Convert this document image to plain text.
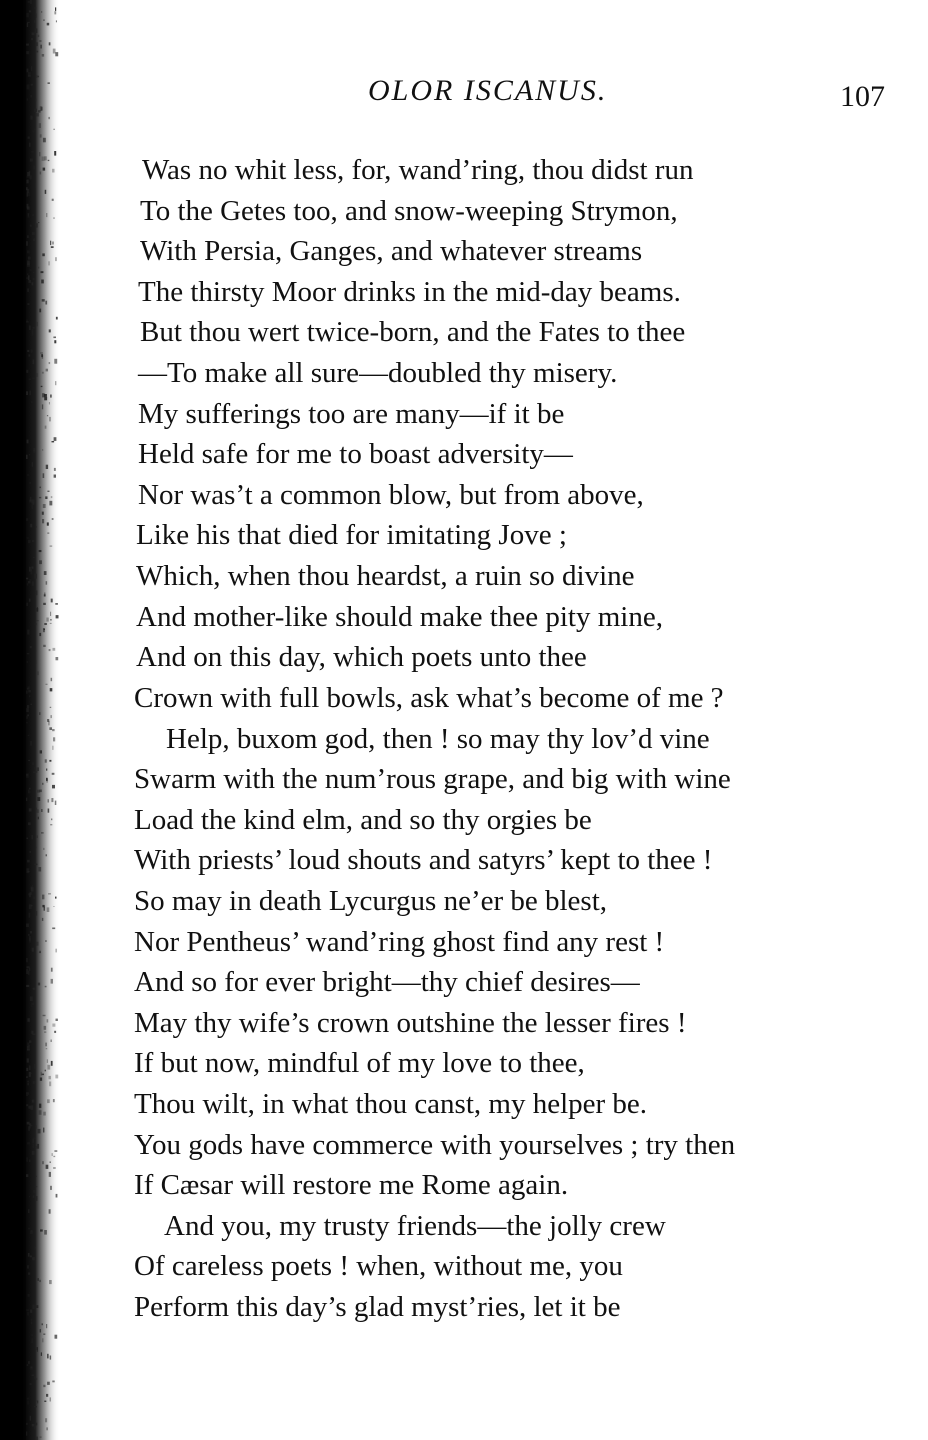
OLOR ISCANUS.	107
Was no whit less, for, wand’ring, thou didst run
To the Getes too, and snow-weeping Strymon,
With Persia, Ganges, and whatever streams
The thirsty Moor drinks in the mid-day beams.
But thou wert twice-born, and the Fates to thee
—To make all sure—doubled thy misery.
My sufferings too are many—if it be
Held safe for me to boast adversity—
Nor was’t a common blow, but from above,
Like his that died for imitating Jove ;
Which, when thou heardst, a ruin so divine
And mother-like should make thee pity mine,
And on this day, which poets unto thee
Crown with full bowls, ask what’s become of me ?
Help, buxom god, then ! so may thy lov’d vine
Swarm with the num’rous grape, and big with wine
Load the kind elm, and so thy orgies be
With priests’ loud shouts and satyrs’ kept to thee !
So may in death Lycurgus ne’er be blest,
Nor Pentheus’ wand’ring ghost find any rest !
And so for ever bright—thy chief desires—
May thy wife’s crown outshine the lesser fires !
If but now, mindful of my love to thee,
Thou wilt, in what thou canst, my helper be.
You gods have commerce with yourselves ; try then
If Cæsar will restore me Rome again.
And you, my trusty friends—the jolly crew
Of careless poets ! when, without me, you
Perform this day’s glad myst’ries, let it be
